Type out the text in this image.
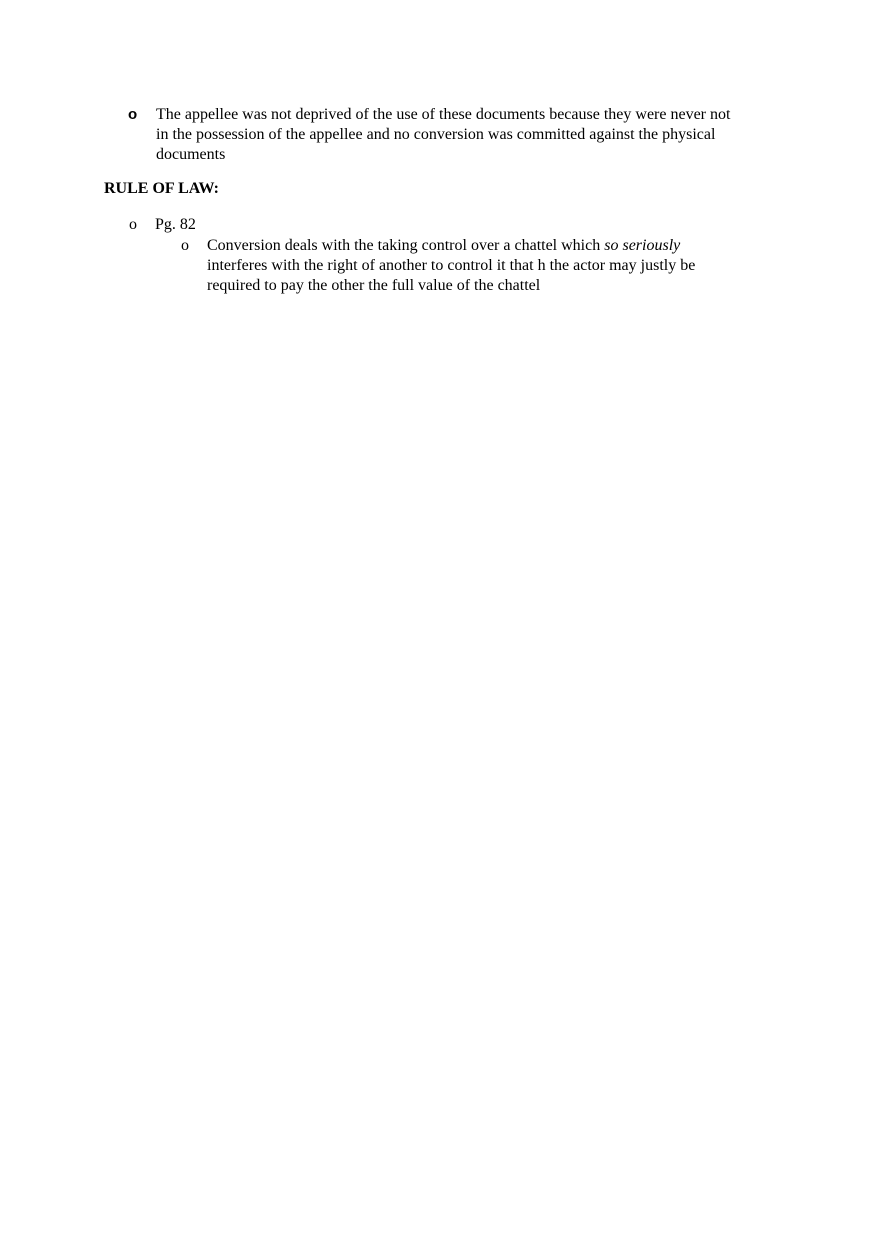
o The appellee was not deprived of the use of these documents because they were never not
in the possession of the appellee and no conversion was committed against the physical
documents
RULE OF LAW:
o Pg. 82
o Conversion deals with the taking control over a chattel which so seriously
interferes with the right of another to control it that h the actor may justly be
required to pay the other the full value of the chattel
